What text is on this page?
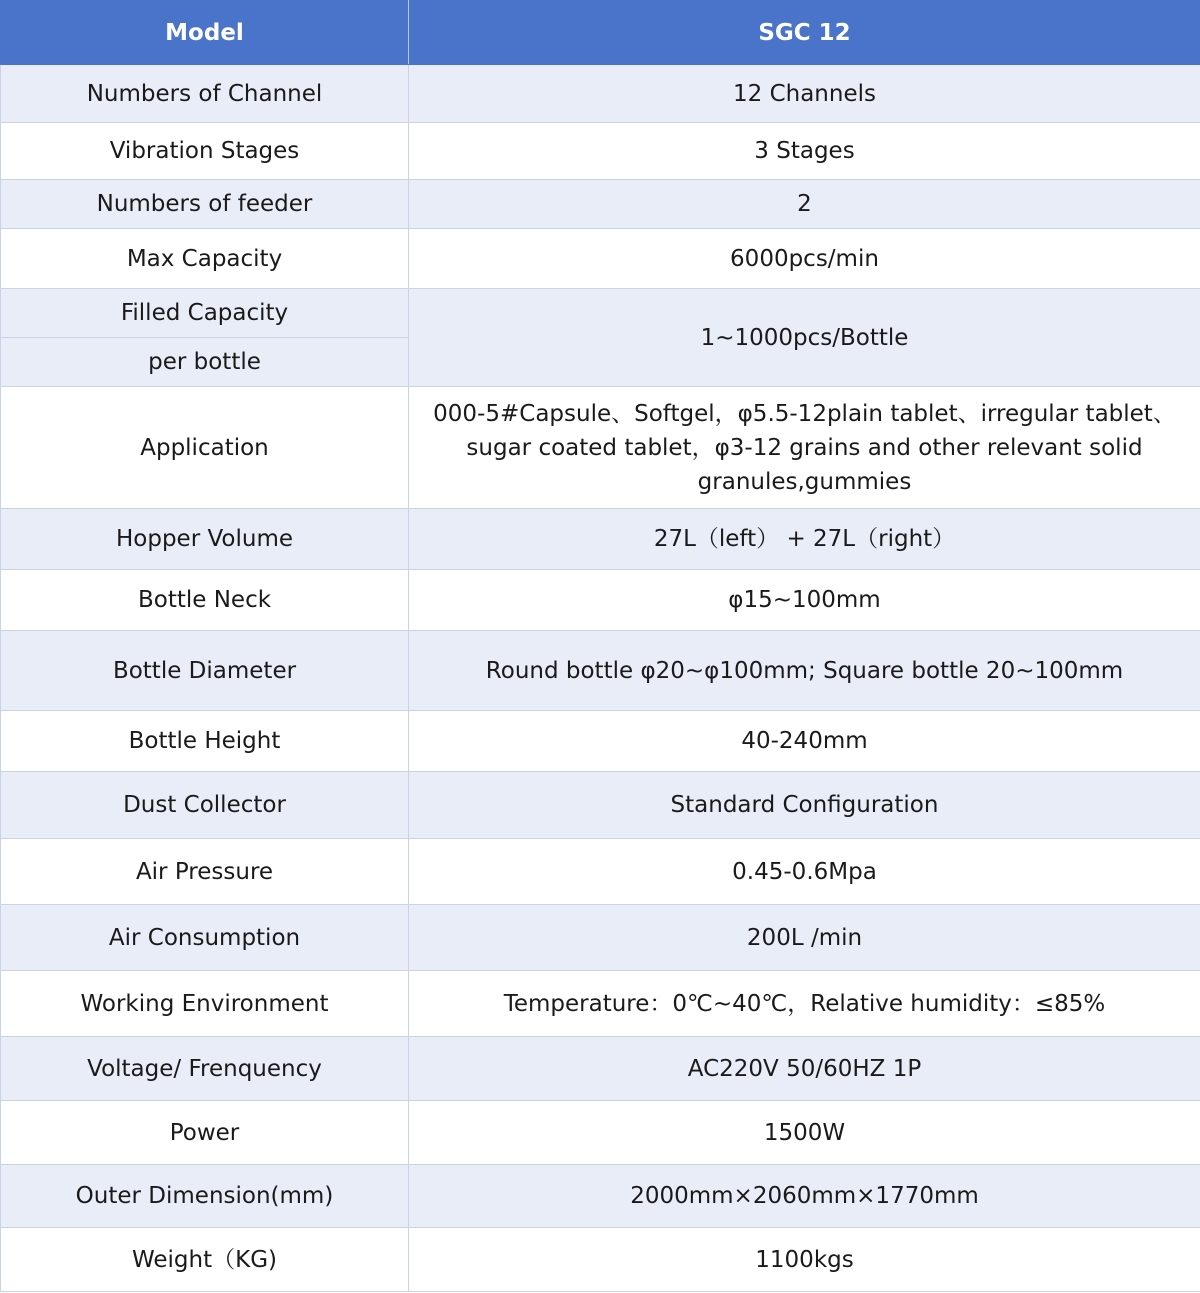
Model	SGC 12
Numbers of Channel	12 Channels
Vibration Stages	3 Stages
Numbers of feeder	2
Max Capacity	6000pcs/min
Filled Capacity	1~1000pcs/Bottle
per bottle	
Application	000-5#Capsule、Softgel，φ5.5-12plain tablet、irregular tablet、sugar coated tablet，φ3-12 grains and other relevant solid granules,gummies
Hopper Volume	27L（left） + 27L（right）
Bottle Neck	φ15~100mm
Bottle Diameter	Round bottle φ20~φ100mm; Square bottle 20~100mm
Bottle Height	40-240mm
Dust Collector	Standard Configuration
Air Pressure	0.45-0.6Mpa
Air Consumption	200L /min
Working Environment	Temperature：0℃~40℃，Relative humidity：≤85%
Voltage/ Frenquency	AC220V 50/60HZ 1P
Power	1500W
Outer Dimension(mm)	2000mm×2060mm×1770mm
Weight（KG)	1100kgs
